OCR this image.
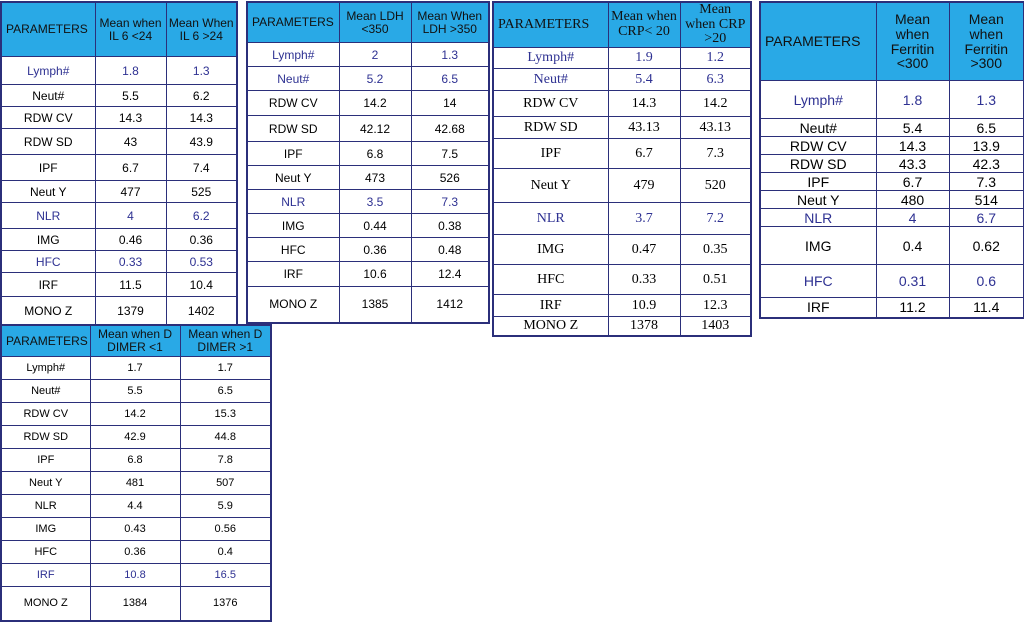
PARAMETERS	Mean when IL 6 <24	Mean When IL 6 >24
Lymph#	1.8	1.3
Neut#	5.5	6.2
RDW CV	14.3	14.3
RDW SD	43	43.9
IPF	6.7	7.4
Neut Y	477	525
NLR	4	6.2
IMG	0.46	0.36
HFC	0.33	0.53
IRF	11.5	10.4
MONO Z	1379	1402
PARAMETERS	Mean LDH <350	Mean When LDH >350
Lymph#	2	1.3
Neut#	5.2	6.5
RDW CV	14.2	14
RDW SD	42.12	42.68
IPF	6.8	7.5
Neut Y	473	526
NLR	3.5	7.3
IMG	0.44	0.38
HFC	0.36	0.48
IRF	10.6	12.4
MONO Z	1385	1412
PARAMETERS	Mean when CRP< 20	Mean when CRP >20
Lymph#	1.9	1.2
Neut#	5.4	6.3
RDW CV	14.3	14.2
RDW SD	43.13	43.13
IPF	6.7	7.3
Neut Y	479	520
NLR	3.7	7.2
IMG	0.47	0.35
HFC	0.33	0.51
IRF	10.9	12.3
MONO Z	1378	1403
PARAMETERS	Mean when Ferritin <300	Mean when Ferritin >300
Lymph#	1.8	1.3
Neut#	5.4	6.5
RDW CV	14.3	13.9
RDW SD	43.3	42.3
IPF	6.7	7.3
Neut Y	480	514
NLR	4	6.7
IMG	0.4	0.62
HFC	0.31	0.6
IRF	11.2	11.4
PARAMETERS	Mean when D DIMER <1	Mean when D DIMER >1
Lymph#	1.7	1.7
Neut#	5.5	6.5
RDW CV	14.2	15.3
RDW SD	42.9	44.8
IPF	6.8	7.8
Neut Y	481	507
NLR	4.4	5.9
IMG	0.43	0.56
HFC	0.36	0.4
IRF	10.8	16.5
MONO Z	1384	1376
